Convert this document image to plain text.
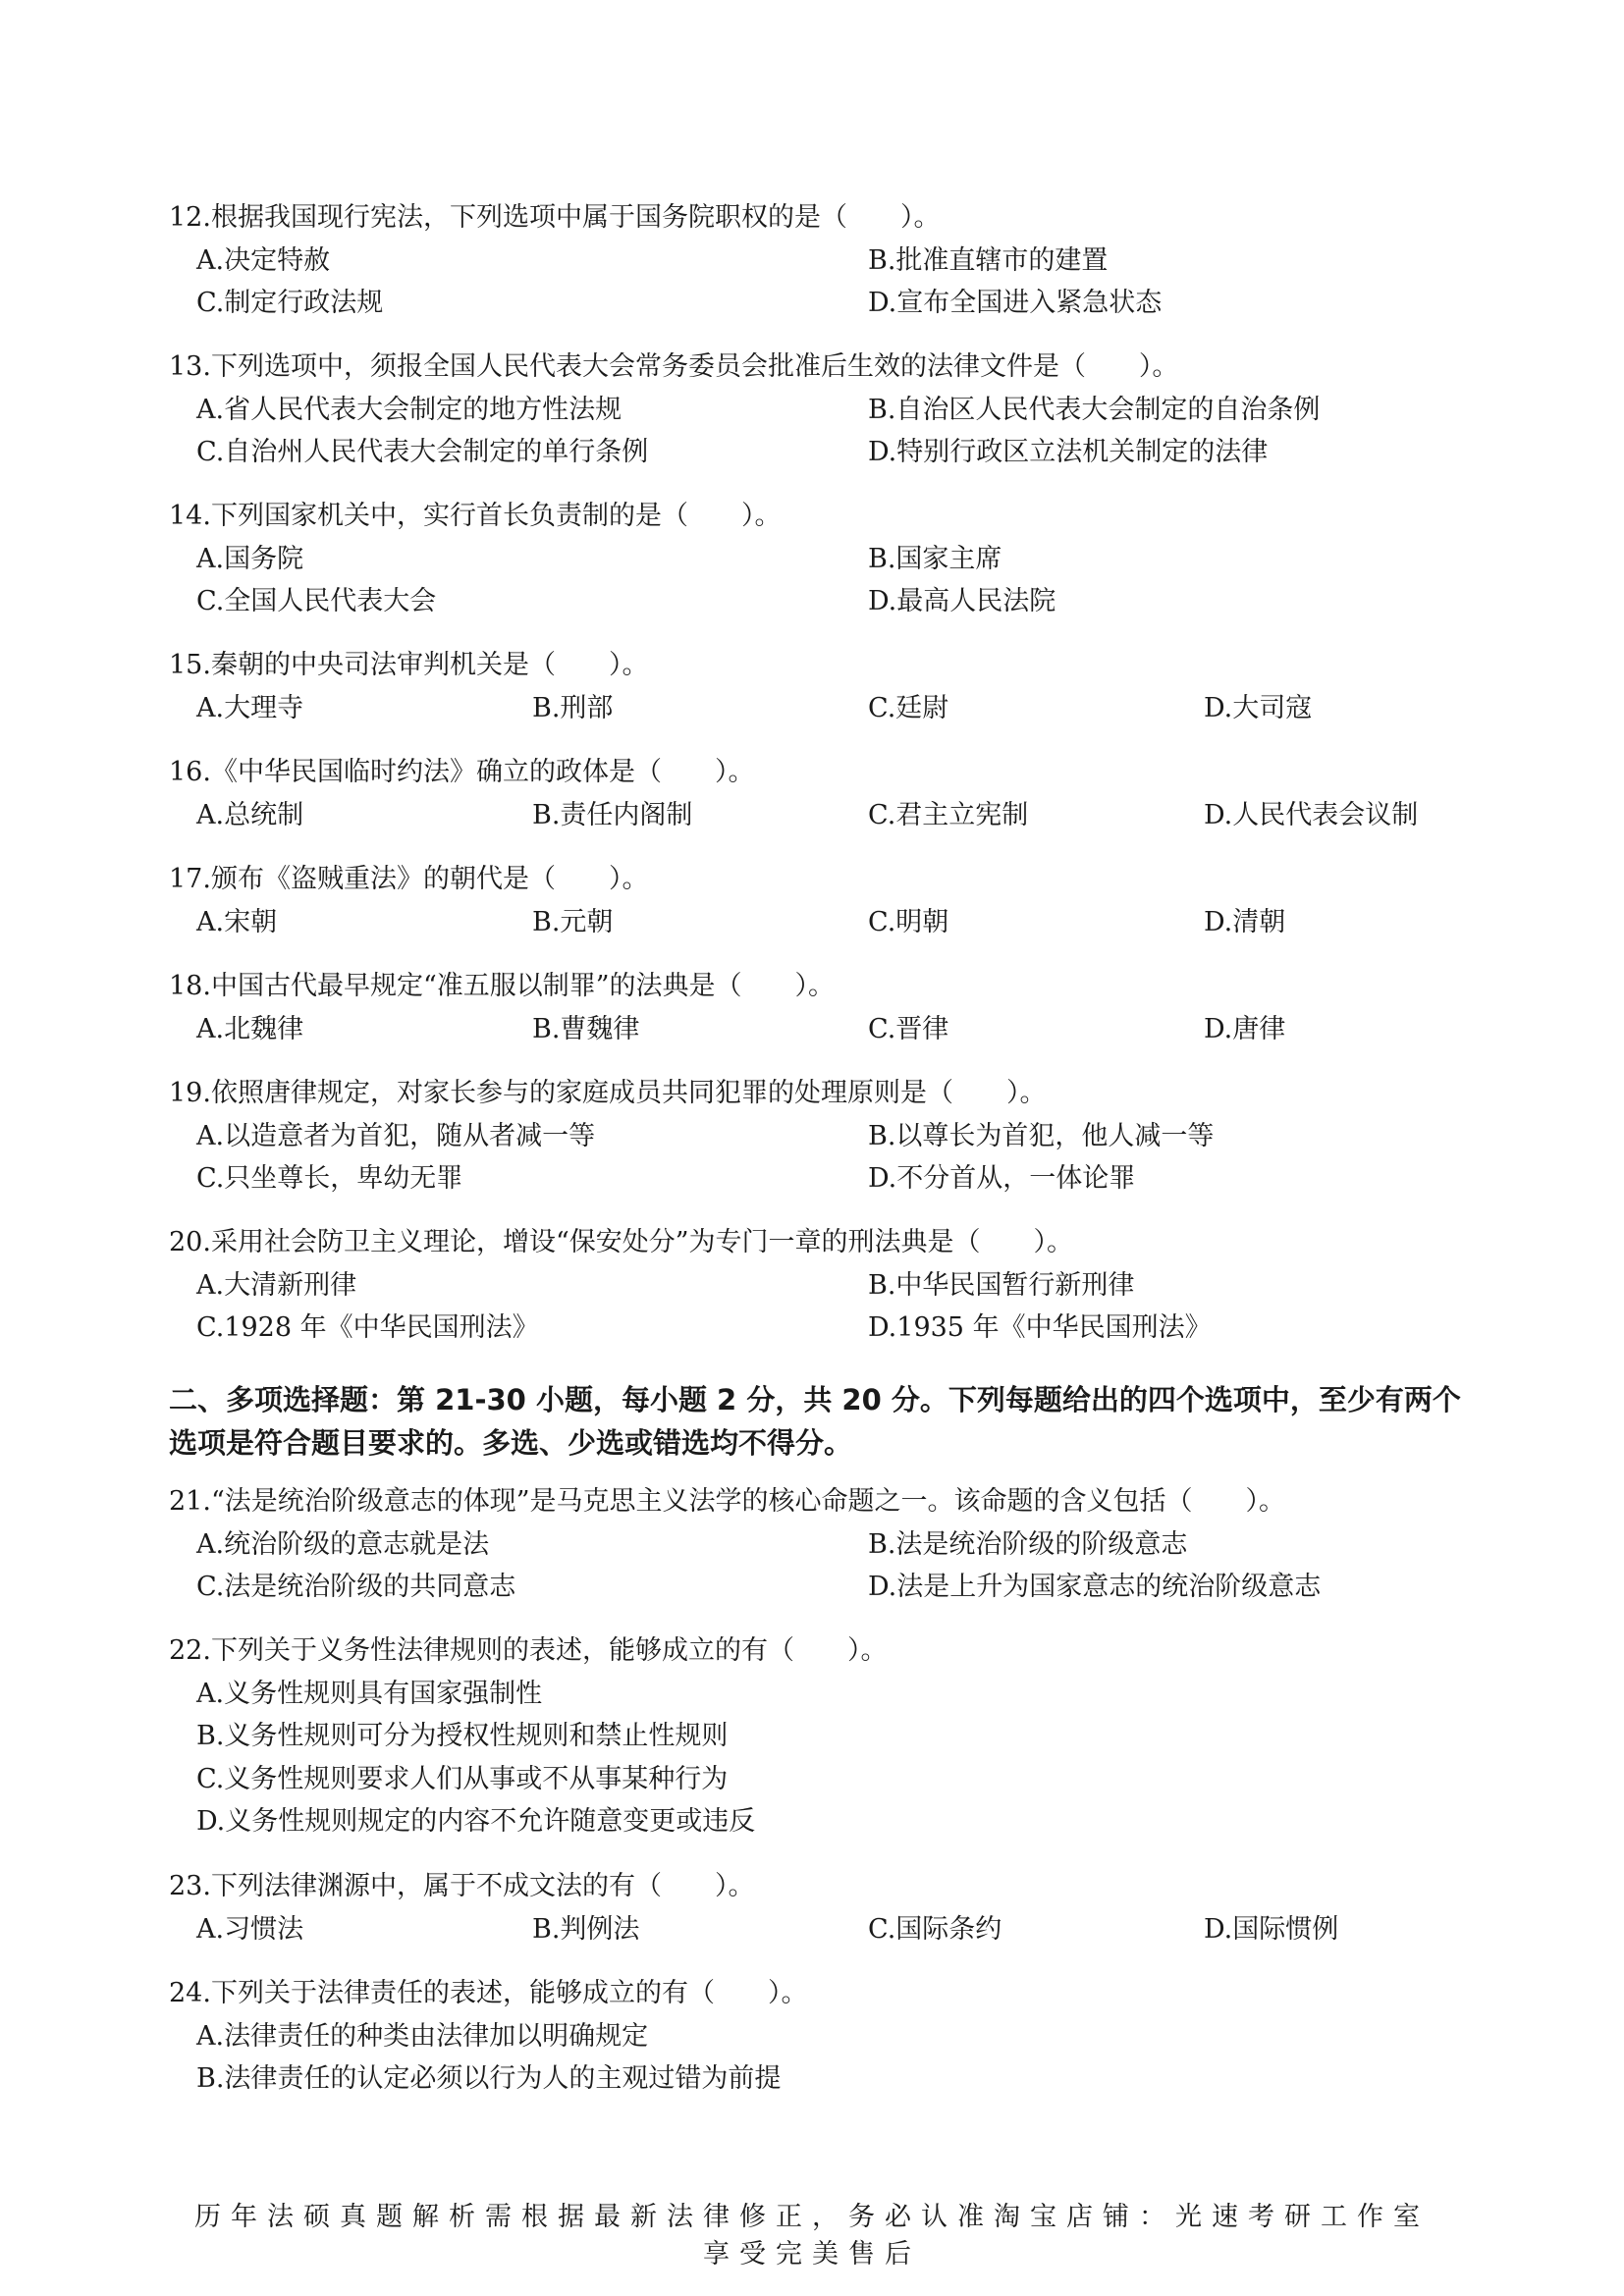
12.根据我国现行宪法，下列选项中属于国务院职权的是（　　）。
A.决定特赦	B.批准直辖市的建置
C.制定行政法规	D.宣布全国进入紧急状态
13.下列选项中，须报全国人民代表大会常务委员会批准后生效的法律文件是（　　）。
A.省人民代表大会制定的地方性法规	B.自治区人民代表大会制定的自治条例
C.自治州人民代表大会制定的单行条例	D.特别行政区立法机关制定的法律
14.下列国家机关中，实行首长负责制的是（　　）。
A.国务院	B.国家主席
C.全国人民代表大会	D.最高人民法院
15.秦朝的中央司法审判机关是（　　）。
A.大理寺	B.刑部	C.廷尉	D.大司寇
16.《中华民国临时约法》确立的政体是（　　）。
A.总统制	B.责任内阁制	C.君主立宪制	D.人民代表会议制
17.颁布《盗贼重法》的朝代是（　　）。
A.宋朝	B.元朝	C.明朝	D.清朝
18.中国古代最早规定“准五服以制罪”的法典是（　　）。
A.北魏律	B.曹魏律	C.晋律	D.唐律
19.依照唐律规定，对家长参与的家庭成员共同犯罪的处理原则是（　　）。
A.以造意者为首犯，随从者减一等	B.以尊长为首犯，他人减一等
C.只坐尊长，卑幼无罪	D.不分首从，一体论罪
20.采用社会防卫主义理论，增设“保安处分”为专门一章的刑法典是（　　）。
A.大清新刑律	B.中华民国暂行新刑律
C.1928 年《中华民国刑法》	D.1935 年《中华民国刑法》
二、多项选择题：第 21-30 小题，每小题 2 分，共 20 分。下列每题给出的四个选项中，至少有两个选项是符合题目要求的。多选、少选或错选均不得分。
21.“法是统治阶级意志的体现”是马克思主义法学的核心命题之一。该命题的含义包括（　　）。
A.统治阶级的意志就是法	B.法是统治阶级的阶级意志
C.法是统治阶级的共同意志	D.法是上升为国家意志的统治阶级意志
22.下列关于义务性法律规则的表述，能够成立的有（　　）。
A.义务性规则具有国家强制性
B.义务性规则可分为授权性规则和禁止性规则
C.义务性规则要求人们从事或不从事某种行为
D.义务性规则规定的内容不允许随意变更或违反
23.下列法律渊源中，属于不成文法的有（　　）。
A.习惯法	B.判例法	C.国际条约	D.国际惯例
24.下列关于法律责任的表述，能够成立的有（　　）。
A.法律责任的种类由法律加以明确规定
B.法律责任的认定必须以行为人的主观过错为前提
历年法硕真题解析需根据最新法律修正，务必认准淘宝店铺：光速考研工作室
享受完美售后
